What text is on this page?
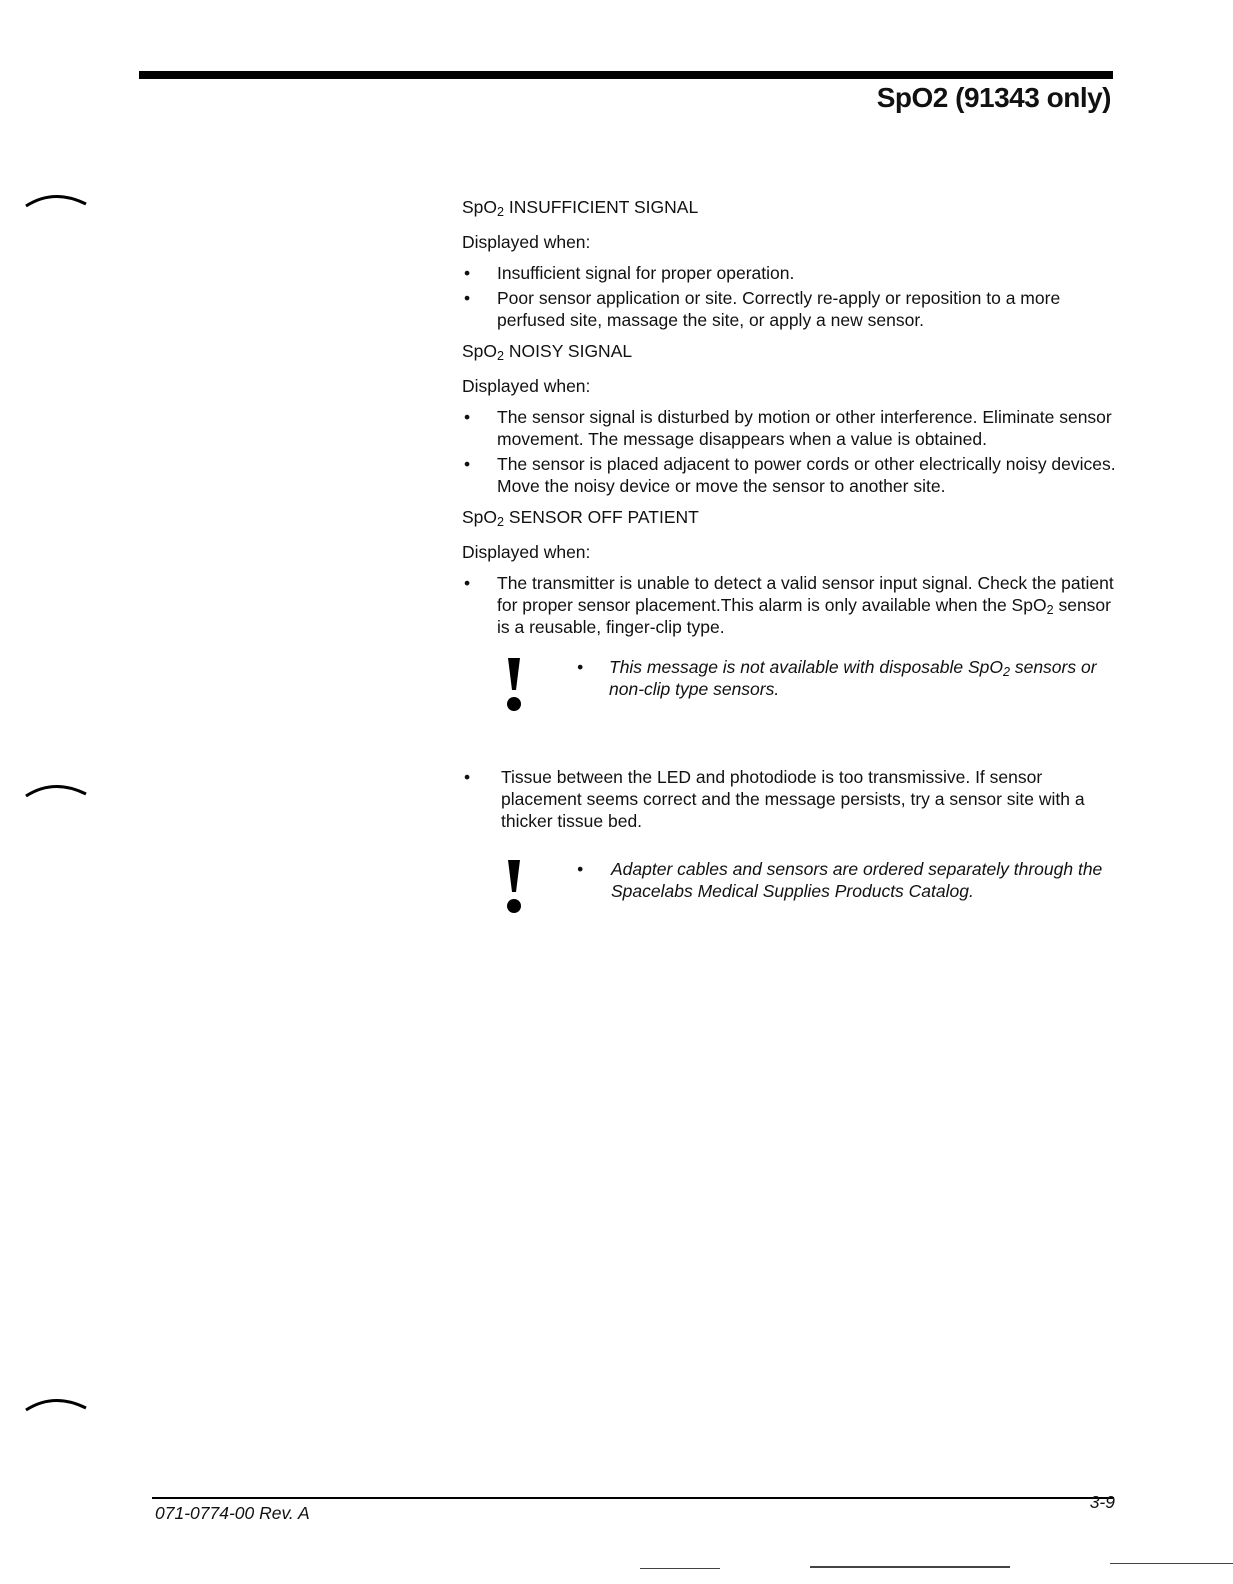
SpO2 (91343 only)

SpO$_2$ INSUFFICIENT SIGNAL

Displayed when:

• Insufficient signal for proper operation.
• Poor sensor application or site. Correctly re-apply or reposition to a more perfused site, massage the site, or apply a new sensor.

SpO$_2$ NOISY SIGNAL

Displayed when:

• The sensor signal is disturbed by motion or other interference. Eliminate sensor movement. The message disappears when a value is obtained.
• The sensor is placed adjacent to power cords or other electrically noisy devices. Move the noisy device or move the sensor to another site.

SpO$_2$ SENSOR OFF PATIENT

Displayed when:

• The transmitter is unable to detect a valid sensor input signal. Check the patient for proper sensor placement.This alarm is only available when the SpO$_2$ sensor is a reusable, finger-clip type.
• This message is not available with disposable SpO$_2$ sensors or non-clip type sensors.
• Tissue between the LED and photodiode is too transmissive. If sensor placement seems correct and the message persists, try a sensor site with a thicker tissue bed.
• Adapter cables and sensors are ordered separately through the Spacelabs Medical Supplies Products Catalog.
071-0774-00 Rev. A
3-9
